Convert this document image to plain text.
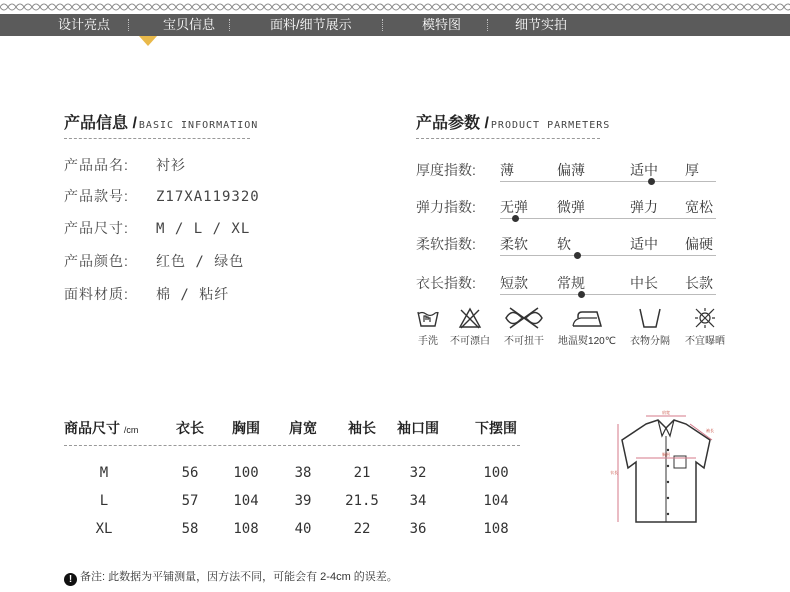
设计亮点	宝贝信息	面料/细节展示	模特图	细节实拍
产品信息 / BASIC INFORMATION
产品品名: 衬衫
产品款号: Z17XA119320
产品尺寸: M / L / XL
产品颜色: 红色 / 绿色
面料材质: 棉 / 粘纤
产品参数 / PRODUCT PARMETERS
厚度指数: 薄	偏薄	适中 厚
弹力指数: 无弹 微弹	弹力 宽松
柔软指数: 柔软 软	适中 偏硬
衣长指数: 短款 常规	中长 长款
手洗 不可漂白	不可扭干	地温熨120℃	衣物分隔	不宜曝晒
商品尺寸 /cm	衣长	胸围	肩宽	袖长	袖口围	下摆围
M	56	100	38	21	32	100
L	57	104	39	21.5	34	104
XL	58	108	40	22	36	108
肩宽
胸围
袖长
衣长
! 备注: 此数据为平铺测量，因方法不同，可能会有 2-4cm 的误差。
